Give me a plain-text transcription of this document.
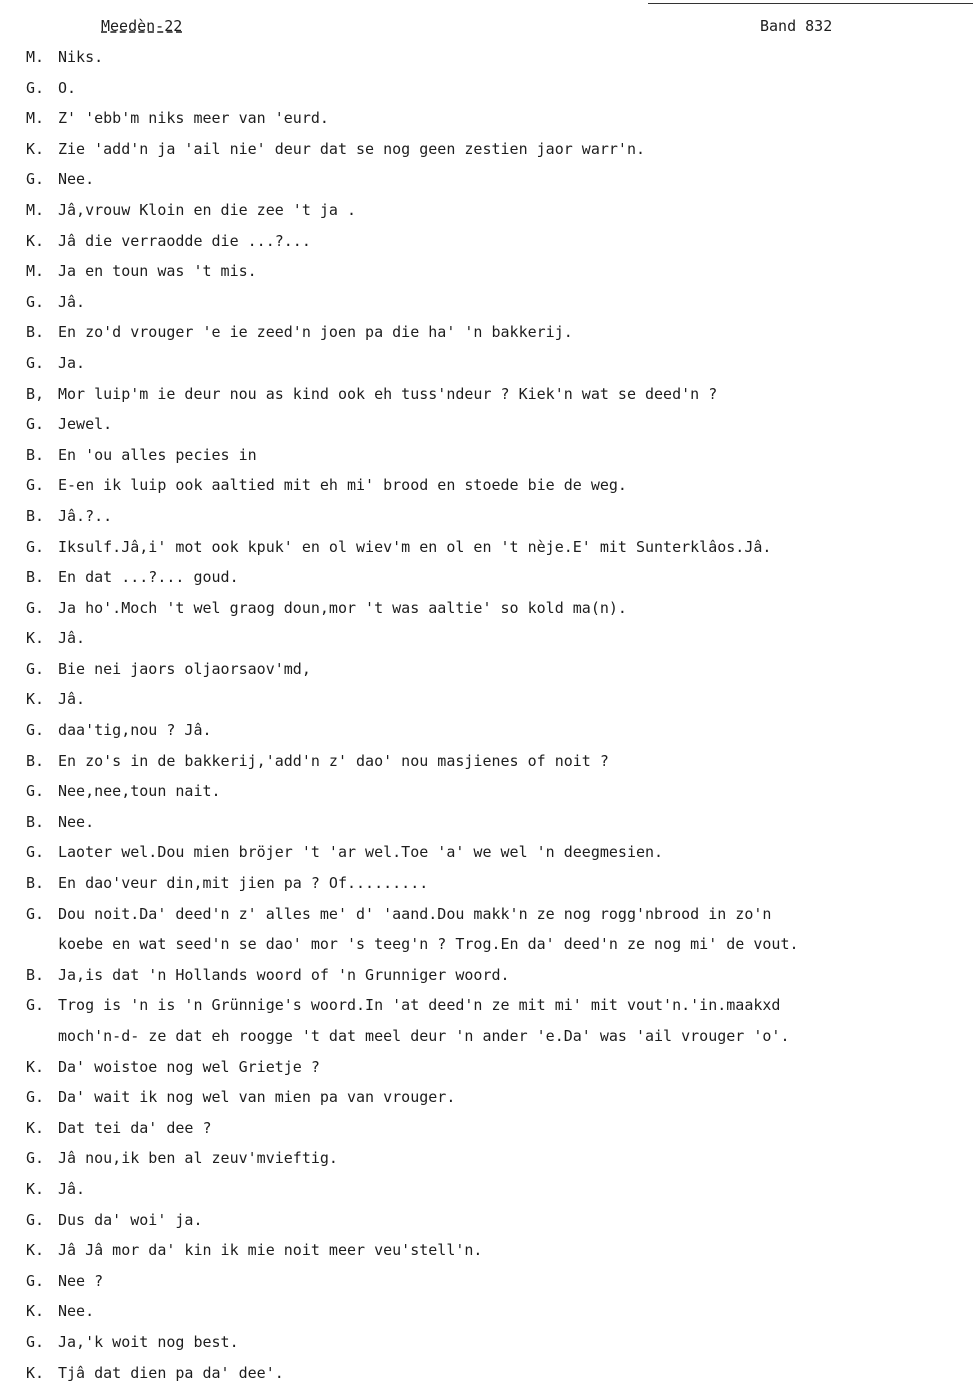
Meedèn-22	Band 832
M. Niks.
G. O.
M. Z' 'ebb'm niks meer van 'eurd.
K. Zie 'add'n ja 'ail nie' deur dat se nog geen zestien jaor warr'n.
G. Nee.
M. Jâ,vrouw Kloin en die zee 't ja .
K. Jâ die verraodde die ...?...
M. Ja en toun was 't mis.
G. Jâ.
B. En zo'd vrouger 'e ie zeed'n joen pa die ha' 'n bakkerij.
G. Ja.
B, Mor luip'm ie deur nou as kind ook eh tuss'ndeur ? Kiek'n wat se deed'n ?
G. Jewel.
B. En 'ou alles pecies in
G. E-en ik luip ook aaltied mit eh mi' brood en stoede bie de weg.
B. Jâ.?..
G. Iksulf.Jâ,i' mot ook kpuk' en ol wiev'm en ol en 't nèje.E' mit Sunterklâos.Jâ.
B. En dat ...?... goud.
G. Ja ho'.Moch 't wel graog doun,mor 't was aaltie' so kold ma(n).
K. Jâ.
G. Bie nei jaors oljaorsaov'md,
K. Jâ.
G. daa'tig,nou ? Jâ.
B. En zo's in de bakkerij,'add'n z' dao' nou masjienes of noit ?
G. Nee,nee,toun nait.
B. Nee.
G. Laoter wel.Dou mien bröjer 't 'ar wel.Toe 'a' we wel 'n deegmesien.
B. En dao'veur din,mit jien pa ? Of.........
G. Dou noit.Da' deed'n z' alles me' d' 'aand.Dou makk'n ze nog rogg'nbrood in zo'n
koebe en wat seed'n se dao' mor 's teeg'n ? Trog.En da' deed'n ze nog mi' de vout.
B. Ja,is dat 'n Hollands woord of 'n Grunniger woord.
G. Trog is 'n is 'n Grünnige's woord.In 'at deed'n ze mit mi' mit vout'n.'in.maakxd
moch'n-d- ze dat eh roogge 't dat meel deur 'n ander 'e.Da' was 'ail vrouger 'o'.
K. Da' woistoe nog wel Grietje ?
G. Da' wait ik nog wel van mien pa van vrouger.
K. Dat tei da' dee ?
G. Jâ nou,ik ben al zeuv'mvieftig.
K. Jâ.
G. Dus da' woi' ja.
K. Jâ Jâ mor da' kin ik mie noit meer veu'stell'n.
G. Nee ?
K. Nee.
G. Ja,'k woit nog best.
K. Tjâ dat dien pa da' dee'.
